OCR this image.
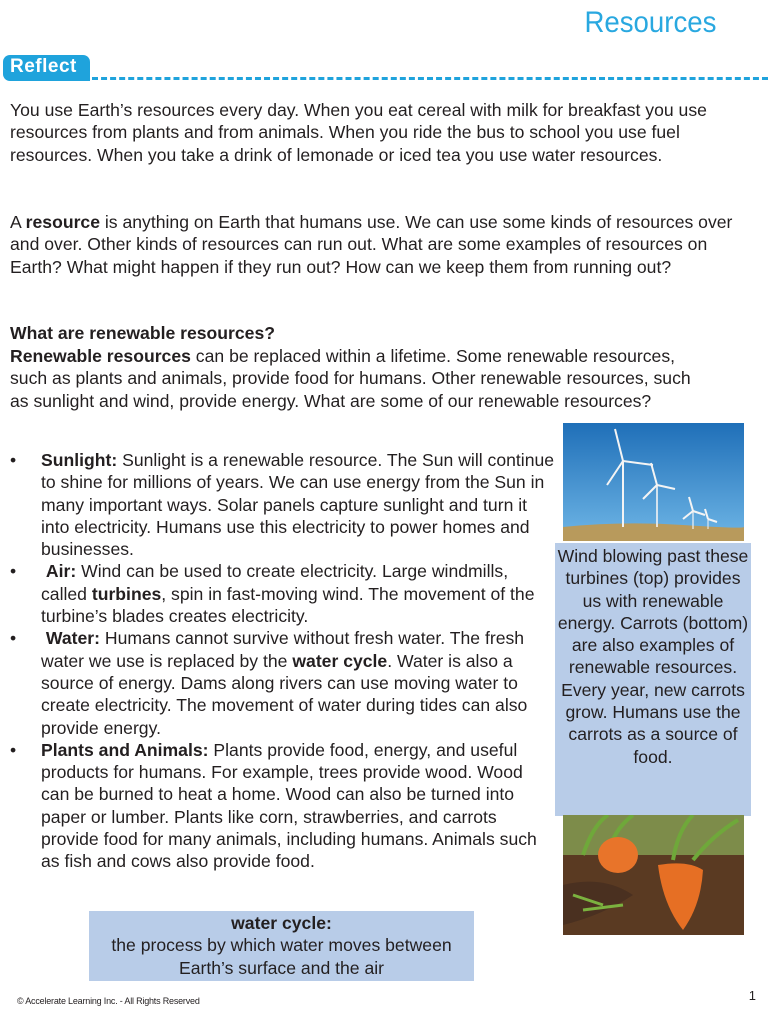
Resources
Reflect

You use Earth’s resources every day. When you eat cereal with milk for breakfast you use resources from plants and from animals. When you ride the bus to school you use fuel resources. When you take a drink of lemonade or iced tea you use water resources.

A resource is anything on Earth that humans use. We can use some kinds of resources over and over. Other kinds of resources can run out. What are some examples of resources on Earth? What might happen if they run out? How can we keep them from running out?

What are renewable resources?

Renewable resources can be replaced within a lifetime. Some renewable resources, such as plants and animals, provide food for humans. Other renewable resources, such as sunlight and wind, provide energy. What are some of our renewable resources?

• Sunlight: Sunlight is a renewable resource. The Sun will continue to shine for millions of years. We can use energy from the Sun in many important ways. Solar panels capture sunlight and turn it into electricity. Humans use this electricity to power homes and businesses.
• Air: Wind can be used to create electricity. Large windmills, called turbines, spin in fast-moving wind. The movement of the turbine’s blades creates electricity.
• Water: Humans cannot survive without fresh water. The fresh water we use is replaced by the water cycle. Water is also a source of energy. Dams along rivers can use moving water to create electricity. The movement of water during tides can also provide energy.
• Plants and Animals: Plants provide food, energy, and useful products for humans. For example, trees provide wood. Wood can be burned to heat a home. Wood can also be turned into paper or lumber. Plants like corn, strawberries, and carrots provide food for many animals, including humans. Animals such as fish and cows also provide food.
Wind blowing past these turbines (top) provides us with renewable energy. Carrots (bottom) are also examples of renewable resources. Every year, new carrots grow. Humans use the carrots as a source of food.
water cycle:
the process by which water moves between Earth’s surface and the air
© Accelerate Learning Inc. - All Rights Reserved	1
